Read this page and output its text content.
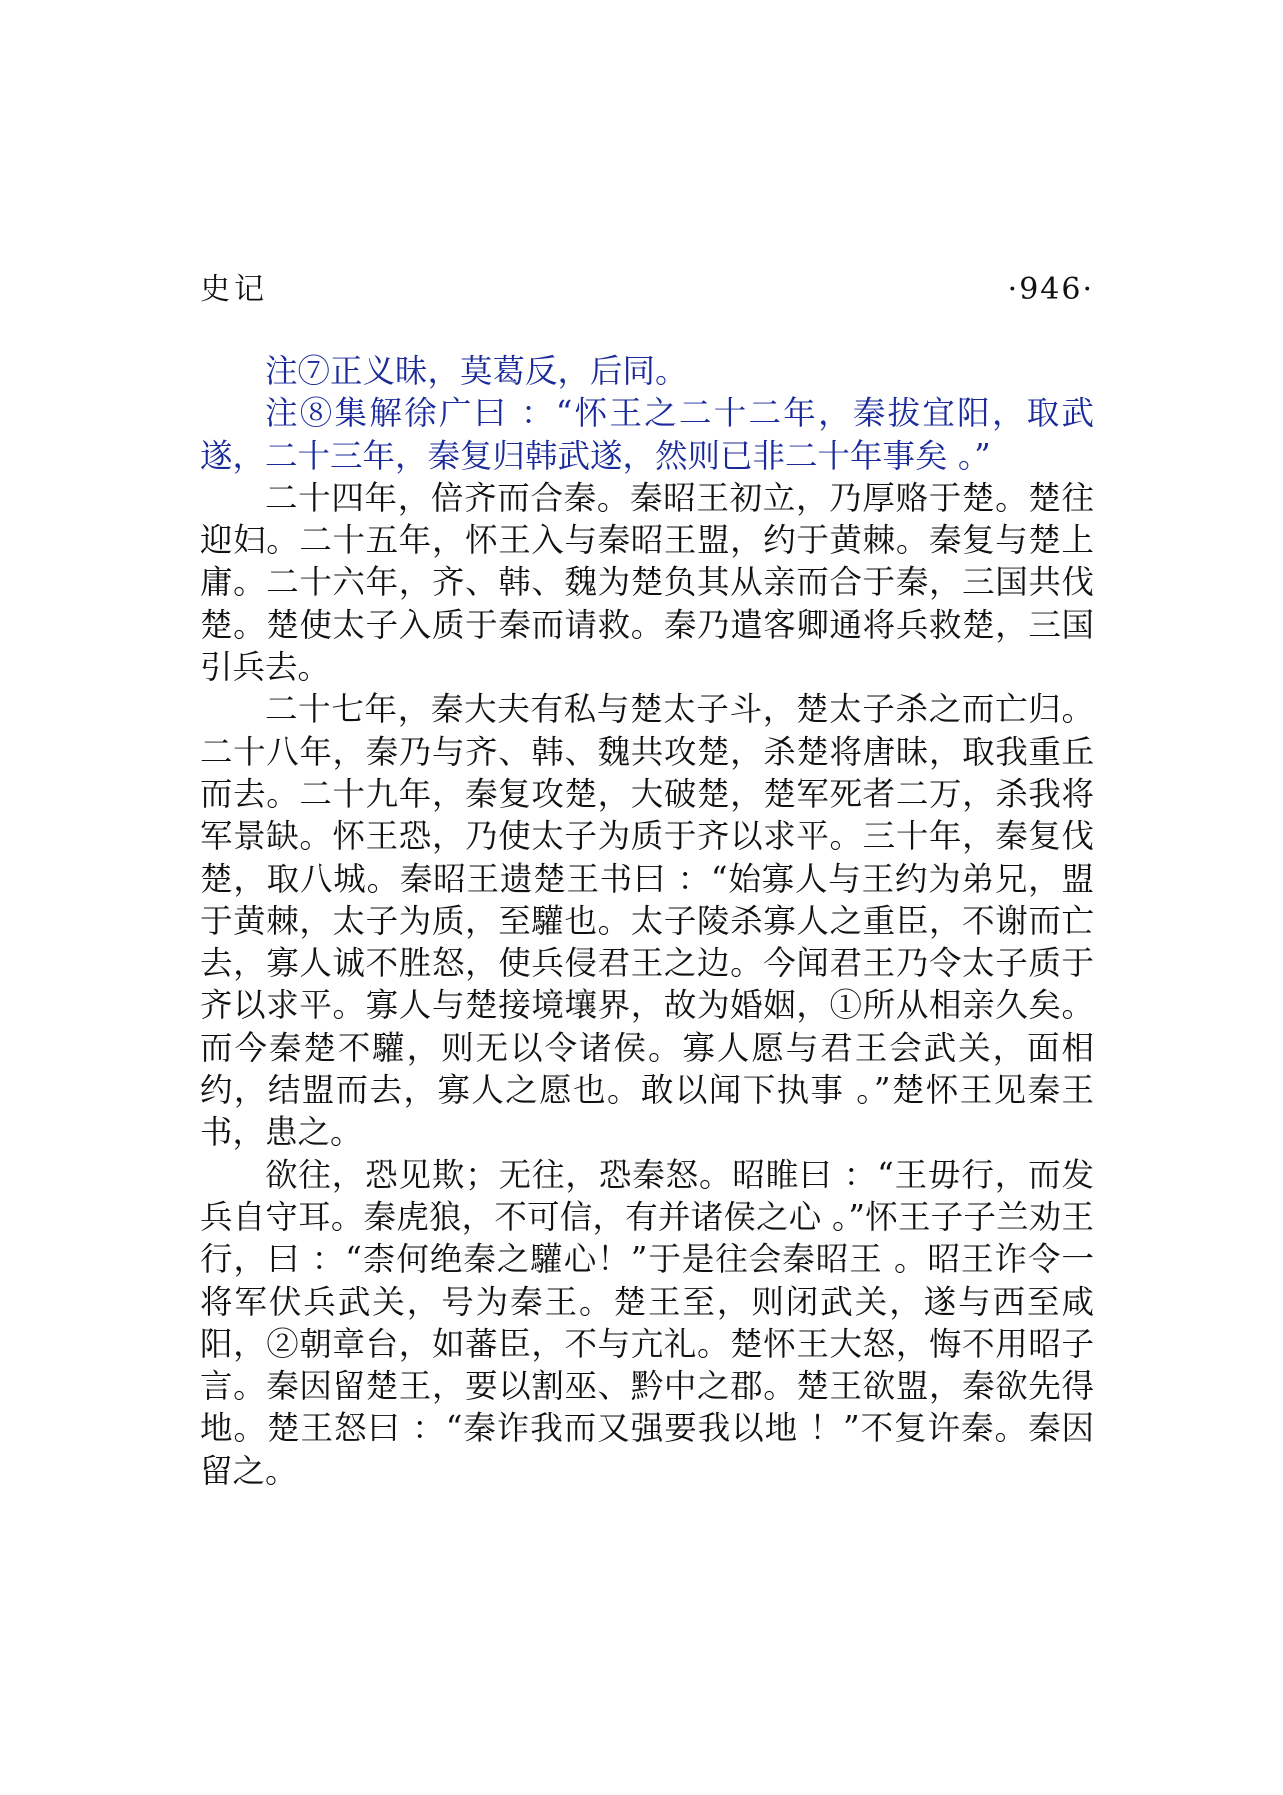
史记	·946·

注⑦正义昧，莫葛反，后同。

注⑧集解徐广曰 ：“怀王之二十二年，秦拔宜阳，取武遂，二十三年，秦复归韩武遂，然则已非二十年事矣 。”

二十四年，倍齐而合秦。秦昭王初立，乃厚赂于楚。楚往迎妇。二十五年，怀王入与秦昭王盟，约于黄棘。秦复与楚上庸。二十六年，齐、韩、魏为楚负其从亲而合于秦，三国共伐楚。楚使太子入质于秦而请救。秦乃遣客卿通将兵救楚，三国引兵去。

二十七年，秦大夫有私与楚太子斗，楚太子杀之而亡归。二十八年，秦乃与齐、韩、魏共攻楚，杀楚将唐昧，取我重丘而去。二十九年，秦复攻楚，大破楚，楚军死者二万，杀我将军景缺。怀王恐，乃使太子为质于齐以求平。三十年，秦复伐楚，取八城。秦昭王遗楚王书曰 ：“始寡人与王约为弟兄，盟于黄棘，太子为质，至驩也。太子陵杀寡人之重臣，不谢而亡去，寡人诚不胜怒，使兵侵君王之边。今闻君王乃令太子质于齐以求平。寡人与楚接境壤界，故为婚姻，①所从相亲久矣。而今秦楚不驩，则无以令诸侯。寡人愿与君王会武关，面相约，结盟而去，寡人之愿也。敢以闻下执事 。”楚怀王见秦王书，患之。

欲往，恐见欺；无往，恐秦怒。昭睢曰 ：“王毋行，而发兵自守耳。秦虎狼，不可信，有并诸侯之心 。”怀王子子兰劝王行，曰 ：“柰何绝秦之驩心！”于是往会秦昭王 。昭王诈令一将军伏兵武关，号为秦王。楚王至，则闭武关，遂与西至咸阳，②朝章台，如蕃臣，不与亢礼。楚怀王大怒，悔不用昭子言。秦因留楚王，要以割巫、黔中之郡。楚王欲盟，秦欲先得地。楚王怒曰 ：“秦诈我而又强要我以地 ！”不复许秦。秦因留之。
